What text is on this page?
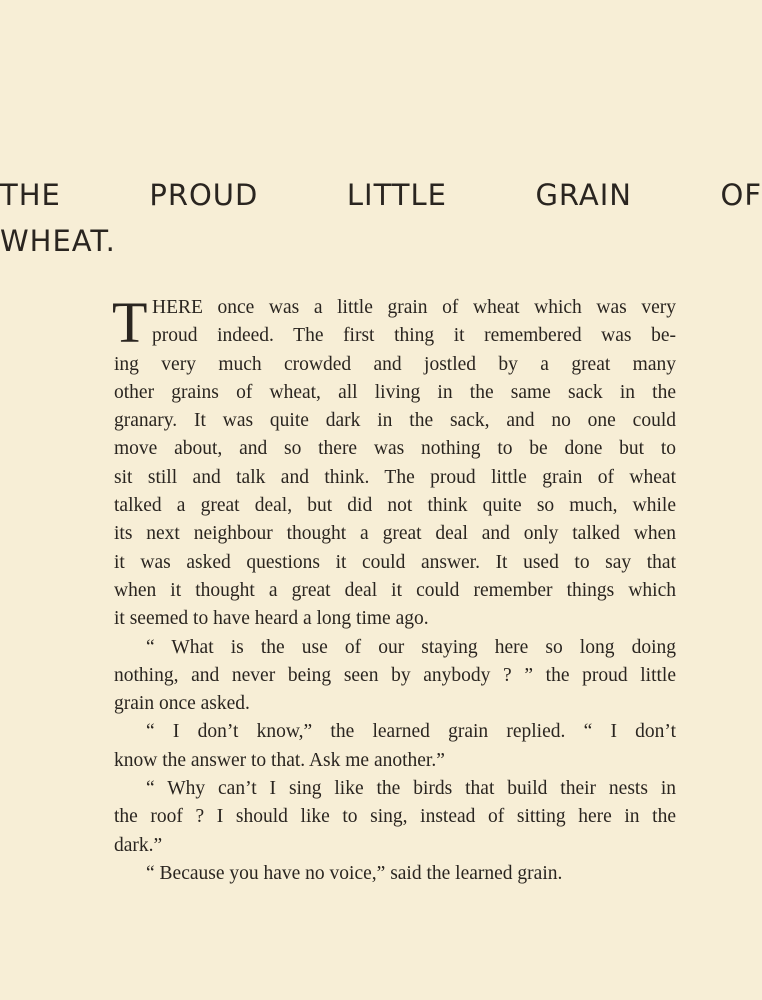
THE PROUD LITTLE GRAIN OF
WHEAT.
T HERE once was a little grain of wheat which was very
proud indeed. The first thing it remembered was be-
ing very much crowded and jostled by a great many
other grains of wheat, all living in the same sack in the
granary. It was quite dark in the sack, and no one could
move about, and so there was nothing to be done but to
sit still and talk and think. The proud little grain of wheat
talked a great deal, but did not think quite so much, while
its next neighbour thought a great deal and only talked when
it was asked questions it could answer. It used to say that
when it thought a great deal it could remember things which
it seemed to have heard a long time ago.
“ What is the use of our staying here so long doing
nothing, and never being seen by anybody ? ” the proud little
grain once asked.
“ I don’t know,” the learned grain replied. “ I don’t
know the answer to that. Ask me another.”
“ Why can’t I sing like the birds that build their nests in
the roof ? I should like to sing, instead of sitting here in the
dark.”
“ Because you have no voice,” said the learned grain.
